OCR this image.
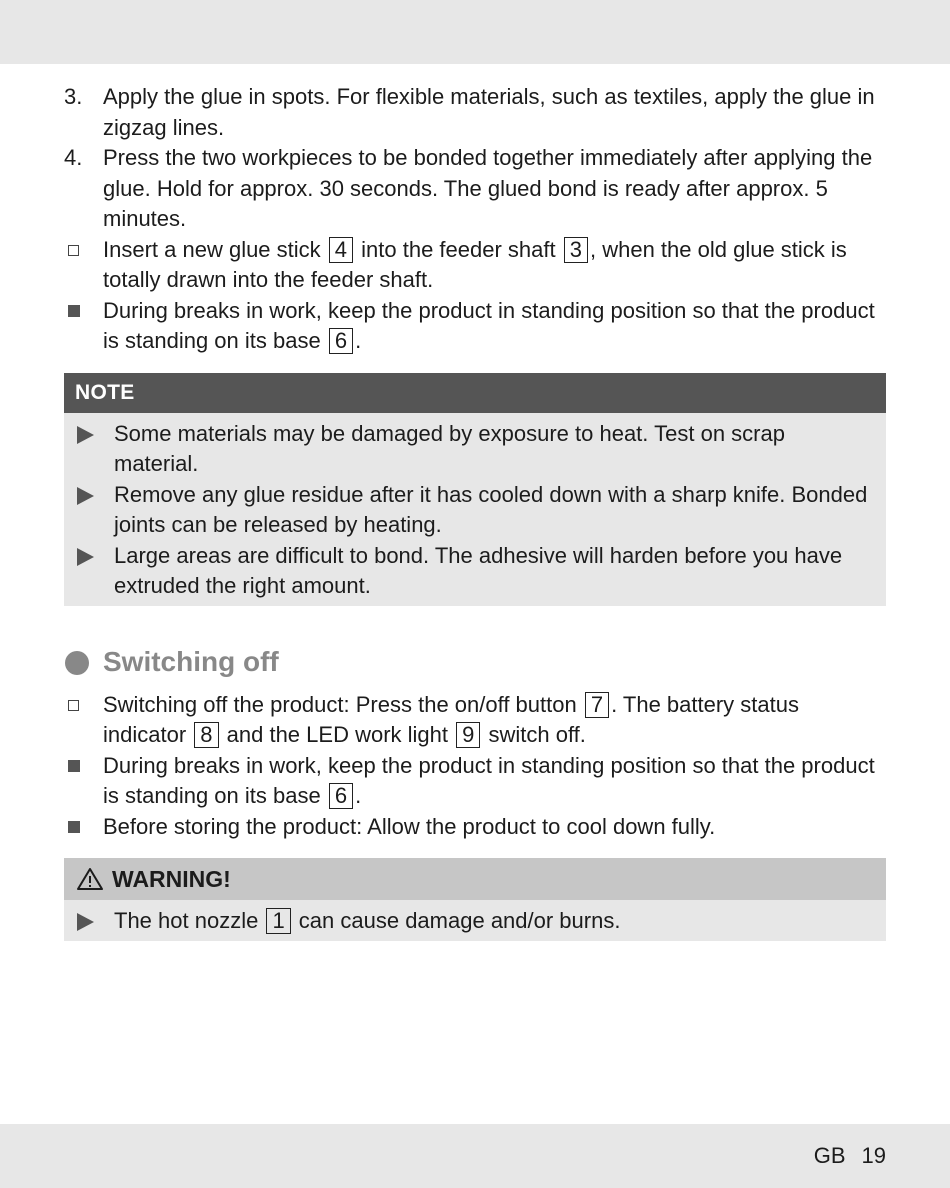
3. Apply the glue in spots. For flexible materials, such as textiles, apply the glue in zigzag lines.
4. Press the two workpieces to be bonded together immediately after applying the glue. Hold for approx. 30 seconds. The glued bond is ready after approx. 5 minutes.
Insert a new glue stick 4 into the feeder shaft 3 , when the old glue stick is totally drawn into the feeder shaft.
During breaks in work, keep the product in standing position so that the product is standing on its base 6 .
NOTE
Some materials may be damaged by exposure to heat. Test on scrap material.
Remove any glue residue after it has cooled down with a sharp knife. Bonded joints can be released by heating.
Large areas are difficult to bond. The adhesive will harden before you have extruded the right amount.
Switching off
Switching off the product: Press the on/off button 7 . The battery status indicator 8 and the LED work light 9 switch off.
During breaks in work, keep the product in standing position so that the product is standing on its base 6 .
Before storing the product: Allow the product to cool down fully.
WARNING!
The hot nozzle 1 can cause damage and/or burns.
GB 19
